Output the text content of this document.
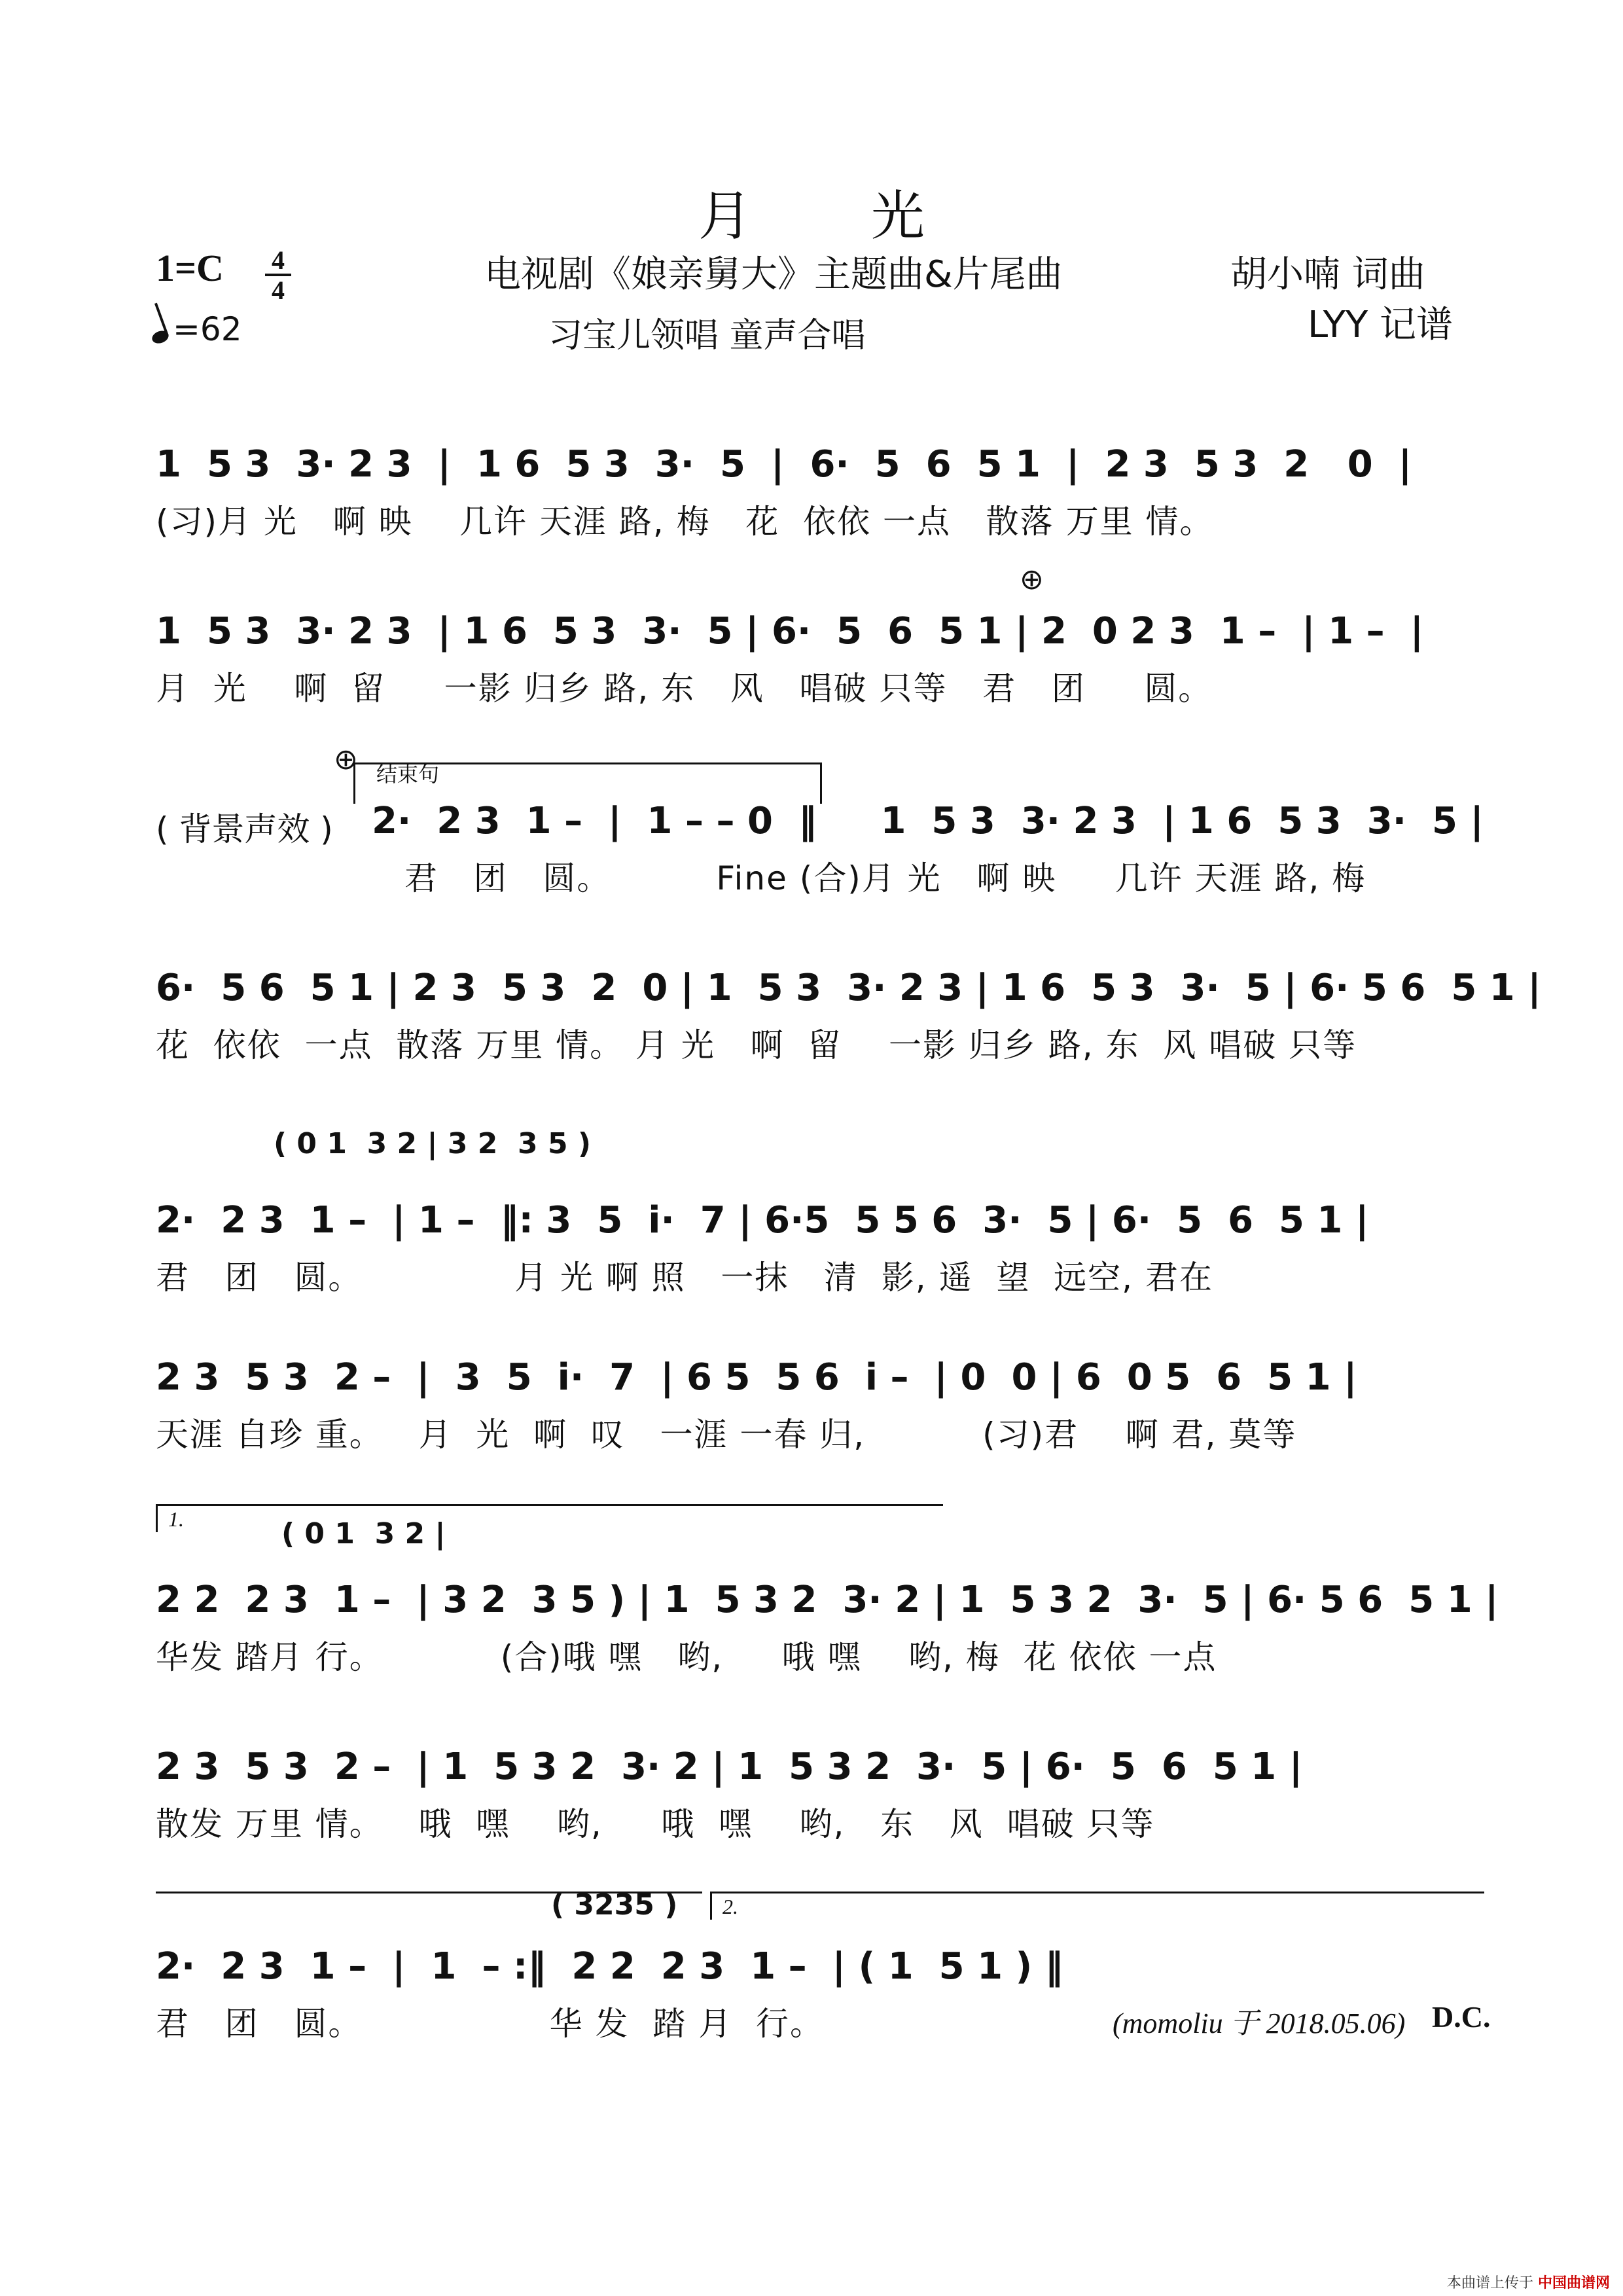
月 光
1=C 4
4
=62
电视剧《娘亲舅大》主题曲&片尾曲
习宝儿领唱 童声合唱
胡小喃 词曲
LYY 记谱
1  5 3  3· 2 3  |  1 6  5 3  3·  5  |  6·  5  6  5 1  |  2 3  5 3  2   0  |
(习)月 光   啊 映    几许 天涯 路, 梅   花  依依 一点   散落 万里 情。
⊕
1  5 3  3· 2 3  | 1 6  5 3  3·  5 | 6·  5  6  5 1 | 2  0 2 3  1 –  | 1 –  |
月  光    啊  留     一影 归乡 路, 东   风   唱破 只等   君   团     圆。
⊕ 结束句
( 背景声效 ) 2·  2 3  1 –  |  1 – – 0  ‖     1  5 3  3· 2 3  | 1 6  5 3  3·  5 |
君   团   圆。         Fine (合)月 光   啊 映     几许 天涯 路, 梅
6·  5 6  5 1 | 2 3  5 3  2  0 | 1  5 3  3· 2 3 | 1 6  5 3  3·  5 | 6· 5 6  5 1 |
花  依依  一点  散落 万里 情。 月 光   啊  留    一影 归乡 路, 东  风 唱破 只等
( 0 1  3 2 | 3 2  3 5 )
2·  2 3  1 –  | 1 –  ‖: 3  5  i·  7 | 6·5  5 5 6  3·  5 | 6·  5  6  5 1 |
君   团   圆。             月 光 啊 照   一抹   清  影, 遥  望  远空, 君在
2 3  5 3  2 –  |  3  5  i·  7  | 6 5  5 6  i –  | 0  0 | 6  0 5  6  5 1 |
天涯 自珍 重。   月  光  啊  叹   一涯 一春 归,          (习)君    啊 君, 莫等
1.	( 0 1  3 2 |
2 2  2 3  1 –  | 3 2  3 5 ) | 1  5 3 2  3· 2 | 1  5 3 2  3·  5 | 6· 5 6  5 1 |
华发 踏月 行。          (合)哦 嘿   哟,     哦 嘿    哟, 梅  花 依依 一点
2 3  5 3  2 –  | 1  5 3 2  3· 2 | 1  5 3 2  3·  5 | 6·  5  6  5 1 |
散发 万里 情。   哦  嘿    哟,     哦  嘿    哟,   东   风  唱破 只等
2.
( 3235 )
2·  2 3  1 –  |  1  – :‖  2 2  2 3  1 –  | ( 1  5 1 ) ‖
君   团   圆。                华 发  踏 月  行。	(momoliu 于 2018.05.06) D.C.
本曲谱上传于 中国曲谱网
